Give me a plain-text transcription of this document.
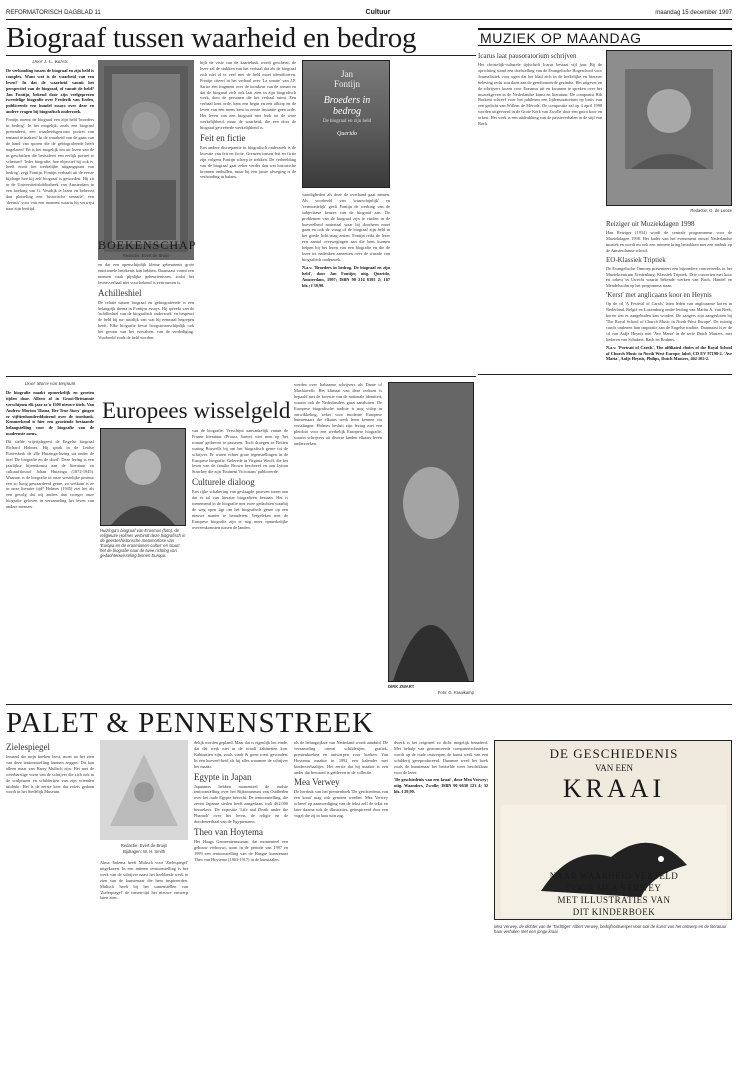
REFORMATORISCH DAGBLAD 11	Cultuur	maandag 15 december 1997
Biograaf tussen waarheid en bedrog
Door J. C. Karels

De verhouding tussen de biograaf en zijn held is complex. Want wat is de waarheid van een leven? In dat de waarheid vanuit het perspectief van de biograaf, of vanuit de held? Jan Fontijn, bekend door zijn veelgeprezen tweedelige biografie over Frederik van Eeden, publiceerde een bundel essays over deze en andere vragen bij biografisch onderzoek.

Fontijn noemt de biograaf een zijn held 'broeders in bedrog'. In het mogelijk, zoals een biograaf pretendeert, een waarheidsgetrouw portret van iemand te maken? In de waarheid van de gaan van de hand van sporen die de gebiografeerde heeft nagelaten? En is het mogelijk om uit lezen van de in geschriften die bestudeert een eerlijk portret te schetsen? 'Ieder biografie, hoe objectief hij ook is, heeft nooit het werkelijke uitgangspunt van bedrog', zegt Fontijn. Fontijn verhaalt uit de eerste bijdrage hoe hij zelf biograaf is geworden. Hij zit in de Universiteitsbibliotheek van Amsterdam in een boeking van G. Vestdijk te lezen en beheerst dan plotseling een 'historische sensatie', een 'deernis' voor van een moment waarin hij verwijst naar zijn leeftijd.

BOEKENSCHAP
Redactie: Evert de Bruijn

en dat een openschijnlijk kleine gebeurtenis grote emotionele betekenis kan hebben. Daarnaast vormt een mensen vaak pijnlijke gebeurtenissen, zodat het levensverhaal niet voor bekend is vertrouwen is.

Achilleshiel

De relatie tussen biograaf en gebiografeerde is een belangrijk thema in Fontijns essays. Hij spreekt van de 'achilleshiel van de biografisch onderzoek' en bespeurt de held bij na- tuurlijk van wat hij eenmaal begrepen heeft. Elke biografie bevat hoogstwaarschijnlijk ook het gevaar van het vervalsen, van de verdediging. Voorbeeld zoals de held worden.

bijft de visie van de kaarteluuk wordt geschetst, de lezer zal de stukken van het verhaal dat als de biograaf zich niet al te veel met de held moet identificeren. Fontijn citeert in het verhaal over 'La sonate' van J.P. Sartre een fragment over de toonkeur van de roman en dat de biograaf zich ook laat zien in zijn biografisch werk, door de personen die het verhaal ruimt. Een verhaal kent orde, kent een begin en een afloop en de leven van een mens kent in eerste instantie geen orde. Het leven van een biograaf niet leidt tot de ware werkelijkheid, maar de waarheid, die een door de biograaf gecreëerde werkelijkheid is.

Feit en fictie

Een andere discrepantie in biografisch onderzoek is de kwestie van feit en fictie. Grenzen tussen feit en fictie zijn volgens Fontijn scherp te trekken. De verbeelding van de biograaf gaat zeker verder dan wat historische bronnen onthullen, maar bij een juiste afweging is de verhouding in balans.

Jan
Fontijn
Broeders in
bedrog
De biograaf en zijn held
Querido

vaardigheden als deze de overhand gaat nemen. Als voorbeeld van 'waarschijnlijk' en 'vermoedelijk' geeft Fontijn de werking van de subjectieve keuzes van de biograaf aan. De problemen van de biograaf zijn te vinden in de hoeveelheid materiaal waar hij doorheen moet gaan en ook de vraag of de biograaf zijn held in het goede licht mag zetten. Fontijn reikt de lezer een aantal overwegingen aan die hem kunnen helpen bij het lezen van een biografie en die de lezer tot nadenken aanzetten over de waarde van biografisch onderzoek.

N.a.v. 'Broeders in bedrog. De biograaf en zijn held', door Jan Fontijn; uitg. Querido, Amsterdam, 1997; ISBN 90 214 6393 2; 167 blz.; f 39,90.

MUZIEK OP MAANDAG
Icarus laat pausoratorium schrijven

Het christelijk-culturele tijdschrift Icarus bestaat vijf jaar. Bij de oprichting stond een doelstelling van de Evangelische Hogeschool voor Journalistiek voor ogen dat het blad zich in de kerkelijke en literaire beleving recht zou doen aan de gereformeerde gezindte. Het uitgever en de schrijvers kozen voor Erasmus uit en kwamen te spreken over het muziekgeven in de Nederlandse kunst en literatuur. De componist Rik Borkent schreef voor het jubileum een lijdensoratorium op basis van een gedicht van Willem de Mérode. De compositie zal op 4 april 1998 worden uitgevoerd in de Grote Kerk van Zwolle door een groot koor en orkest. Het werk is een uitdrukking van de passieverhalen in de stijl van Bach.

Redactie: G. de Looze
Reiziger uit Muziekdagen 1998

Han Reiziger (1934) wordt de centrale programmeur voor de Muziekdagen 1998. Het kader van het evenement omvat Nederlandse muziek en wordt nu ook een ruimere kring betrokken met een nadruk op de Amsterdamse school.

EO-Klassiek Triptiek

De Evangelische Omroep presenteert een bijzondere concertreeks in het Muziekcentrum Vredenburg: Klassiek Triptiek. Drie concerten met koor en orkest in Utrecht waarin bekende werken van Bach, Händel en Mendelssohn op het programma staan.

'Kerst' met anglicaans koor en Heynis

Op de cd 'A Festival of Carols' laten leden van anglicaanse koren in Nederland, België en Luxemburg onder leiding van Martin A. van Beek, horen wat er aangeboden kan worden. De zangers zijn aangesloten bij 'The Royal School of Church Music in North-West Europe'. De twintig carols ontlenen hun inspiratie aan de Engelse traditie. Daarnaast is er de cd van Aafje Heynis met 'Ave Maria' in de serie Dutch Masters, met liederen van Schubert, Bach en Brahms.

N.a.v. 'Portrait of Carols', The affiliated choirs of the Royal School of Church Music in North West Europe; label, CD EV 97198-2. 'Ave Maria', Aafje Heynis, Philips, Dutch Masters, 462 102-2.

Door Marie van Beijnum

De biografie maakt opmerkelijk en groeien tijden door. Alleen al in Groot-Brittannië verschijnen elk jaar zo'n 1500 nieuwe titels. Van Andrew Morton 'Diana, Her True Story' gingen er vijftienhonderdduizend over de toonbank. Kenmerkend is hier een groeiende bestaande belangstelling voor de biografie van de modernste mens.

Dit stelde vrijetijdsgeest de Engelse biograaf Richard Holmes. Hij sprak in de Leidse Pieterskerk de 28e Huizinga-lezing uit onder de titel 'De biografie en de dood'. Deze lezing is een jaarlijkse bijeenkomst aan de literatuur en cultuurfilosoof Johan Huizinga (1872-1945). Waarom is de biografie in onze westelijke postuur een zo hoog gewaardeerd genre, zo welkom is ze in onze literaire tijd? Holmes (1945) ziet het als een gevolg dat wij anders dan vroeger onze biografie geloven in verzameling het leven van andere mensen.

Europees wisselgeld
Huizinga's biograaf van Erasmus (foto), de religieuze Holmes verbindt deze biografisch in de geesteshistorische metamorfose van 'Europa en de erasmianen-cultus' en stuurt het de biografie naar de twee richting van gedachtenwisseling binnen Europa.

van de biografie. Verschijnt aanvankelijk vanuit de Franse literatuur (Proust, Sartre) wiet men op 'het roman' gedreven te passeren. Toch droegen ze Britten wating Boswells bij om het biografisch genre tot de schrijver. Er waren echter grote tegenstellingen in de Europese biografie. Geleerde in Virginia Woolf, die het leven van de familie Brown beschreef en aan Lytton Strachey die zijn 'Eminent Victorians' publiceerde.

Culturele dialoog

Een rijke schakering van geslaagde proeven tonen aan dat er tal van literaire biografieën bestaan. Het is toenemend in de biografie met twee gedachten waarbij de weg open ligt om het biografisch genre op een nieuwe manier te benaderen. Vergeleken met de Europese biografie zijn er nog meer opmerkelijke overeenkomsten tussen de landen.

werden over Italiaanse schrijvers als Dante of Machiavelli. Het klimaat van deze reeksen is bepaald met de kwestie van de nationale identiteit, waarin ook de Nederlanders gaan aansluiten. De Europese biografische traditie is nog volop in ontwikkeling, zeker voor moderne Europese kunstenaars die elkaars werk leren kennen via vertalingen. Holmes besluit zijn lezing met een pleidooi voor een werkelijk Europese biografie, waarin schrijvers uit diverse landen elkaars leven onderzoeken.

DIRK ZWART
Foto: G. Kraaikamp
PALET & PENNENSTREEK
Zielespiegel

Iemand die mijn boeken leest, moet na het zien van deze tentoonstelling kunnen zeggen: Dit kan alleen maar van Harry Mulisch zijn. Het met de weerbarstige vorm van de schrijver die zich ook in de sculpturen en schilderijen van zijn vrienden uitdrukt. Het is de eerste keer dat zoiets gedaan wordt in het Stedelijk Museum.

Redactie: Evert de Bruijn
Bijdragen: W. H. Smith

Alma Tadema heeft Mulisch voor 'Zielespiegel' uitgekozen. In een intieme tentoonstelling is het werk van de schrijver naast het beeldende werk te zien van de kunstenaar die hem inspireerden. Mulisch heeft bij het samenstellen van 'Zielespiegel' de tussen-tijd het nieuwe ontwerp laten zien.

delijk worden gepland. Maar dat is eigenlijk het einde, dat dat werk niet in de twaalf kabinetten kon. Kabinetten zijn, zoals vindt & goen roest gevonden. In een hoeveel-heid als hij alles waarmee de schrijver het maakt.

Egypte in Japan

Japanners hebben momenteel de oudste tentoonstelling over het Rijksmuseum van Oudheden over het oude Egypte bezocht. De tentoonstelling, die zeven Japanse steden heeft aangedaan, trok 462.000 bezoekers. De expositie 'Life and Death under the Pharaoh' over het leven, de religie en de doodenverhaal van de Egyptenaren.

Theo van Hoytema

Het Haags Gemeentemuseum, dat momenteel een gebouw verbouwt, toont in de periode van 1997 en 1999 een tentoonstelling van de Haagse kunstenaar Theo van Hoytema (1863-1917) in de kunstzalen.

als de belangrijkste van Nederland wordt aanduid. De verzameling omvat schilderijen, grafiek, prentenboeken en ontwerpen voor boeken. Van Hoytema maakte in 1892 een kalender met kinderverhaaltjes. Het eerste dat hij maakte is een ander dat bewaard is gebleven in de collectie.

Mea Verwey

De herdruk van het prentenboek 'De geschiedenis van een kraai' mag ook genoten worden. Mea Verwey schreef op aanmoediging van de tekst zelf de tekst en later daarna ook de illustraties, geïnspireerd door een vogel die zij in haar tuin zag.

dwerk is het origineel zo dicht mogelijk benaderd. Met behulp van geavanceerde computertechnieken wordt op de oude ontwerpen de kunst werk van een schilderij gereproduceerd. Daarmee werd het boek zoals de kunstenaar het bedoelde weer beschikbaar voor de lezer.

'De geschiedenis van een kraai', door Mea Verwey; uitg. Waanders, Zwolle; ISBN 90 6630 123 4; 32 blz. f 29,90.

DE GESCHIEDENIS
VAN EEN
KRAAI
NAAR WAARHEID VERTELD
DOOR MEA VERWEY
MET ILLUSTRATIES VAN
DIT KINDERBOEK
Mea Verwey, de dichter van de 'Tachtiger' Albert Verwey, bedrijfsontwerper voor ook de kunst van het ontwerp en de literatuur haar verhalen met een jonge kraai.
